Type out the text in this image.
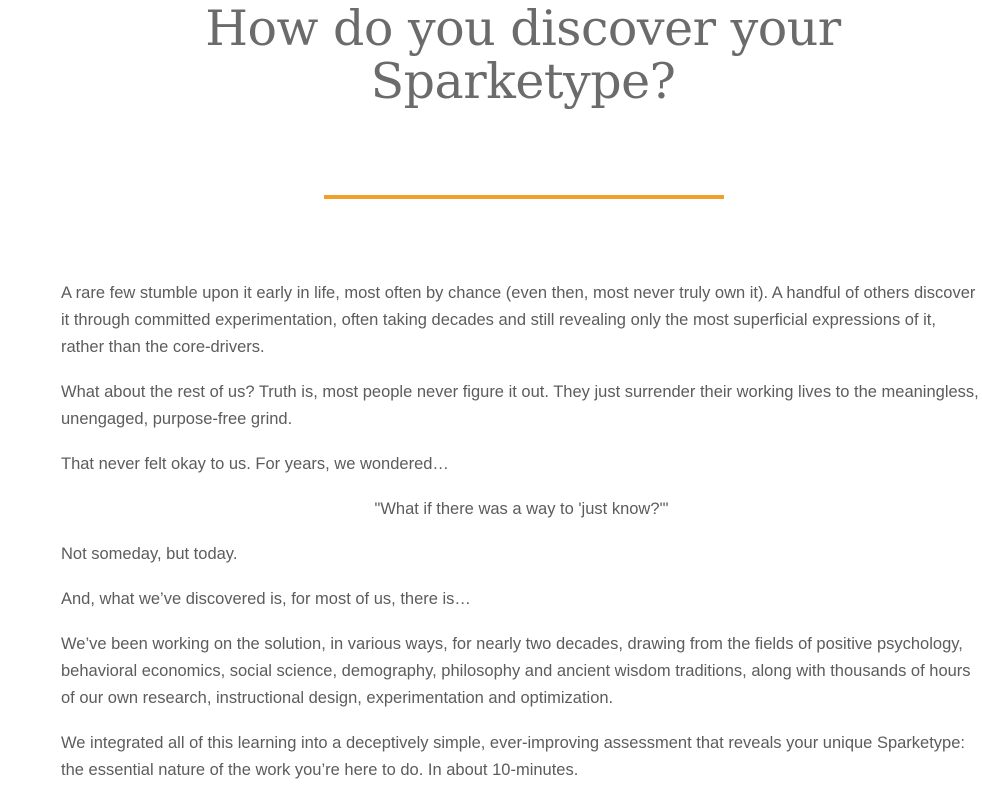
How do you discover your
Sparketype?

A rare few stumble upon it early in life, most often by chance (even then, most never truly own it). A handful of others discover it through committed experimentation, often taking decades and still revealing only the most superficial expressions of it, rather than the core-drivers.

What about the rest of us? Truth is, most people never figure it out. They just surrender their working lives to the meaningless, unengaged, purpose-free grind.

That never felt okay to us. For years, we wondered…

"What if there was a way to 'just know?'"

Not someday, but today.

And, what we’ve discovered is, for most of us, there is…

We’ve been working on the solution, in various ways, for nearly two decades, drawing from the fields of positive psychology, behavioral economics, social science, demography, philosophy and ancient wisdom traditions, along with thousands of hours of our own research, instructional design, experimentation and optimization.

We integrated all of this learning into a deceptively simple, ever-improving assessment that reveals your unique Sparketype: the essential nature of the work you’re here to do. In about 10-minutes.
